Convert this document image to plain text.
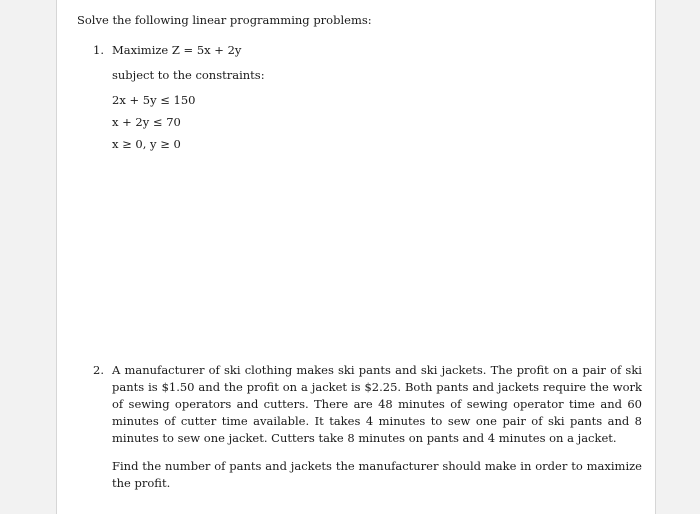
Solve the following linear programming problems:
1. Maximize Z = 5x + 2y
subject to the constraints:
2x + 5y ≤ 150
x + 2y ≤ 70
x ≥ 0, y ≥ 0
2. A manufacturer of ski clothing makes ski pants and ski jackets. The profit on a pair of ski pants is $1.50 and the profit on a jacket is $2.25. Both pants and jackets require the work of sewing operators and cutters. There are 48 minutes of sewing operator time and 60 minutes of cutter time available. It takes 4 minutes to sew one pair of ski pants and 8 minutes to sew one jacket. Cutters take 8 minutes on pants and 4 minutes on a jacket.
Find the number of pants and jackets the manufacturer should make in order to maximize the profit.
